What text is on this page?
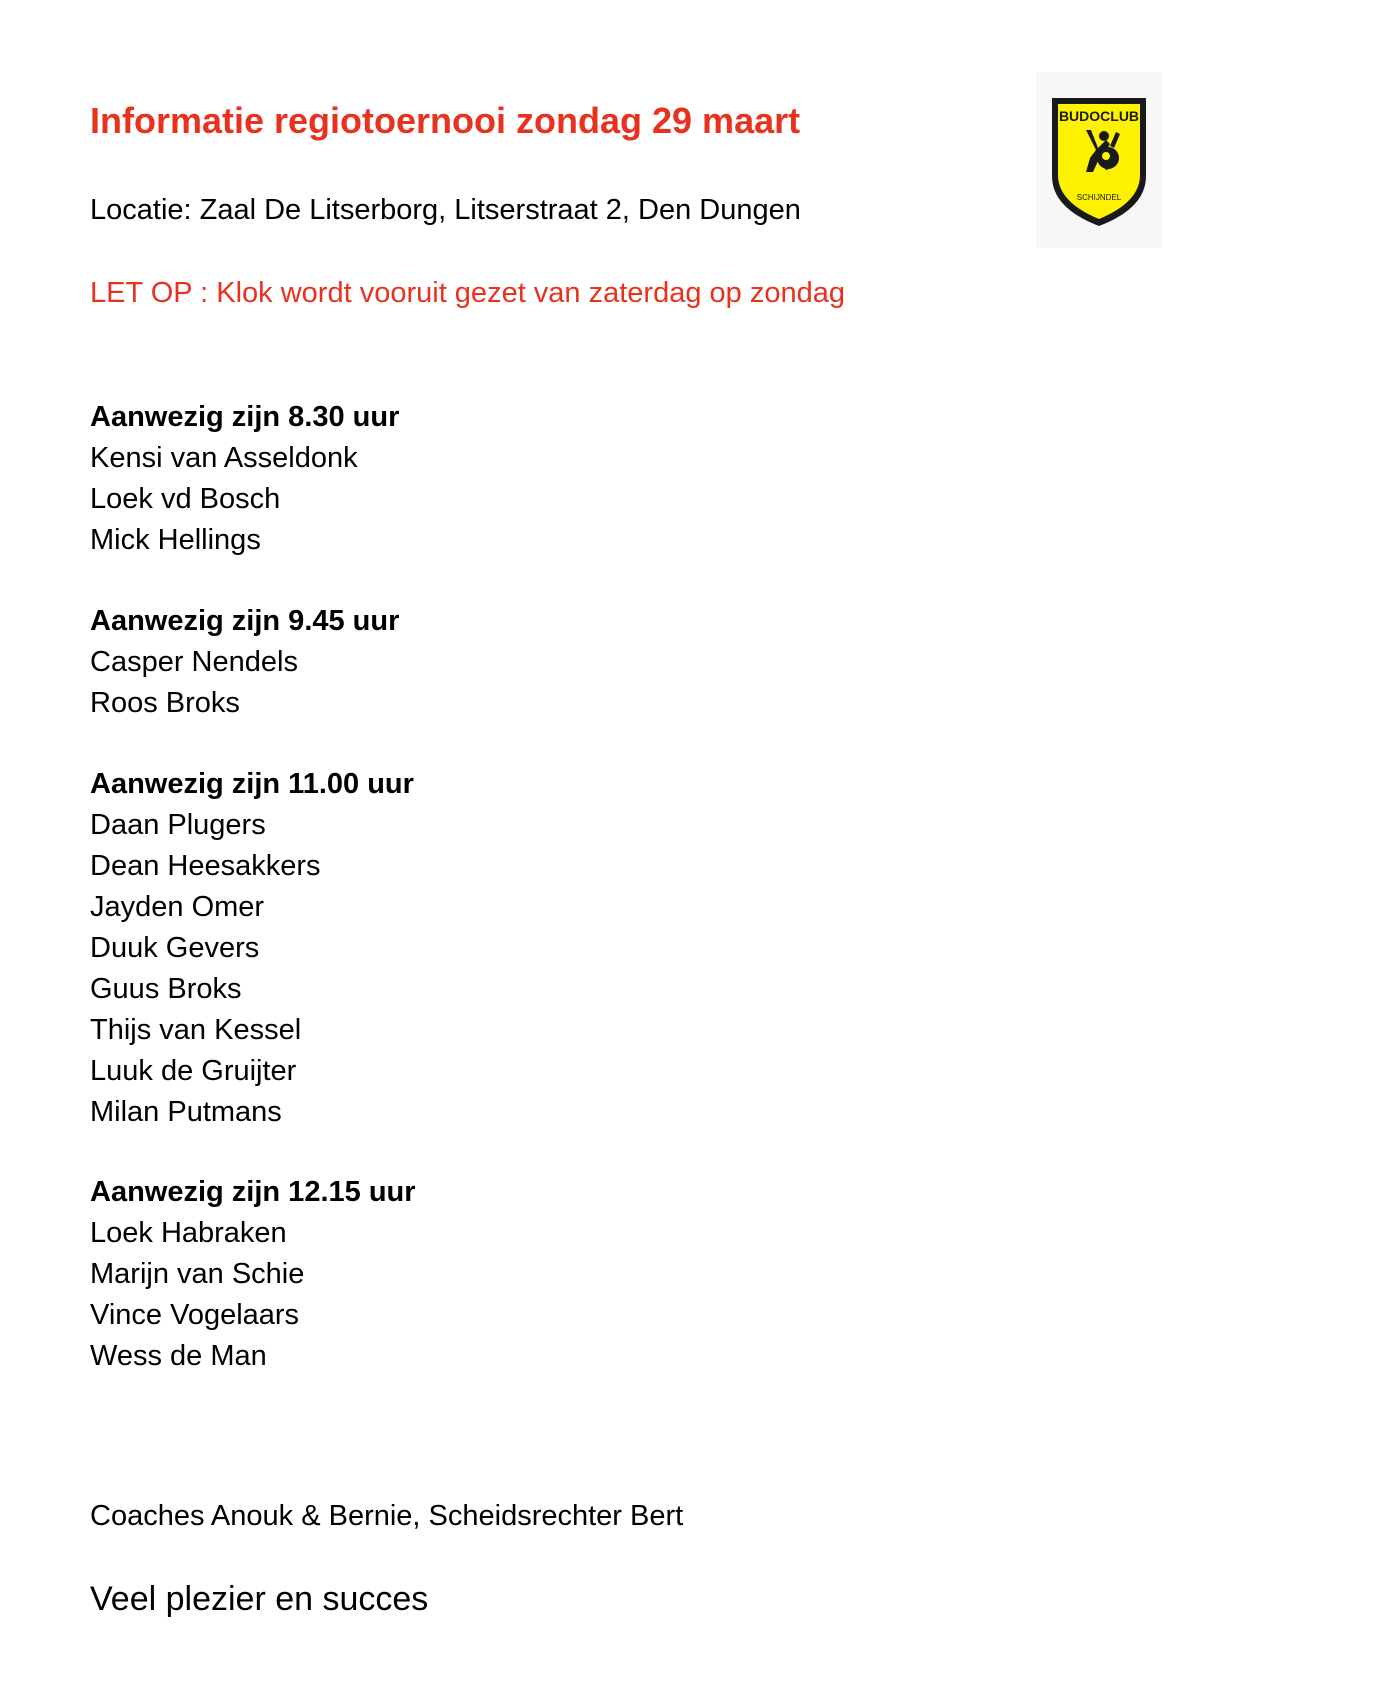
Informatie regiotoernooi zondag 29 maart
Locatie: Zaal De Litserborg, Litserstraat 2, Den Dungen
LET OP : Klok wordt vooruit gezet van zaterdag op zondag
Aanwezig zijn 8.30 uur
Kensi van Asseldonk
Loek vd Bosch
Mick Hellings
Aanwezig zijn 9.45 uur
Casper Nendels
Roos Broks
Aanwezig zijn 11.00 uur
Daan Plugers
Dean Heesakkers
Jayden Omer
Duuk Gevers
Guus Broks
Thijs van Kessel
Luuk de Gruijter
Milan Putmans
Aanwezig zijn 12.15 uur
Loek Habraken
Marijn van Schie
Vince Vogelaars
Wess de Man
Coaches Anouk & Bernie, Scheidsrechter Bert
Veel plezier en succes
BUDOCLUB
SCHIJNDEL
